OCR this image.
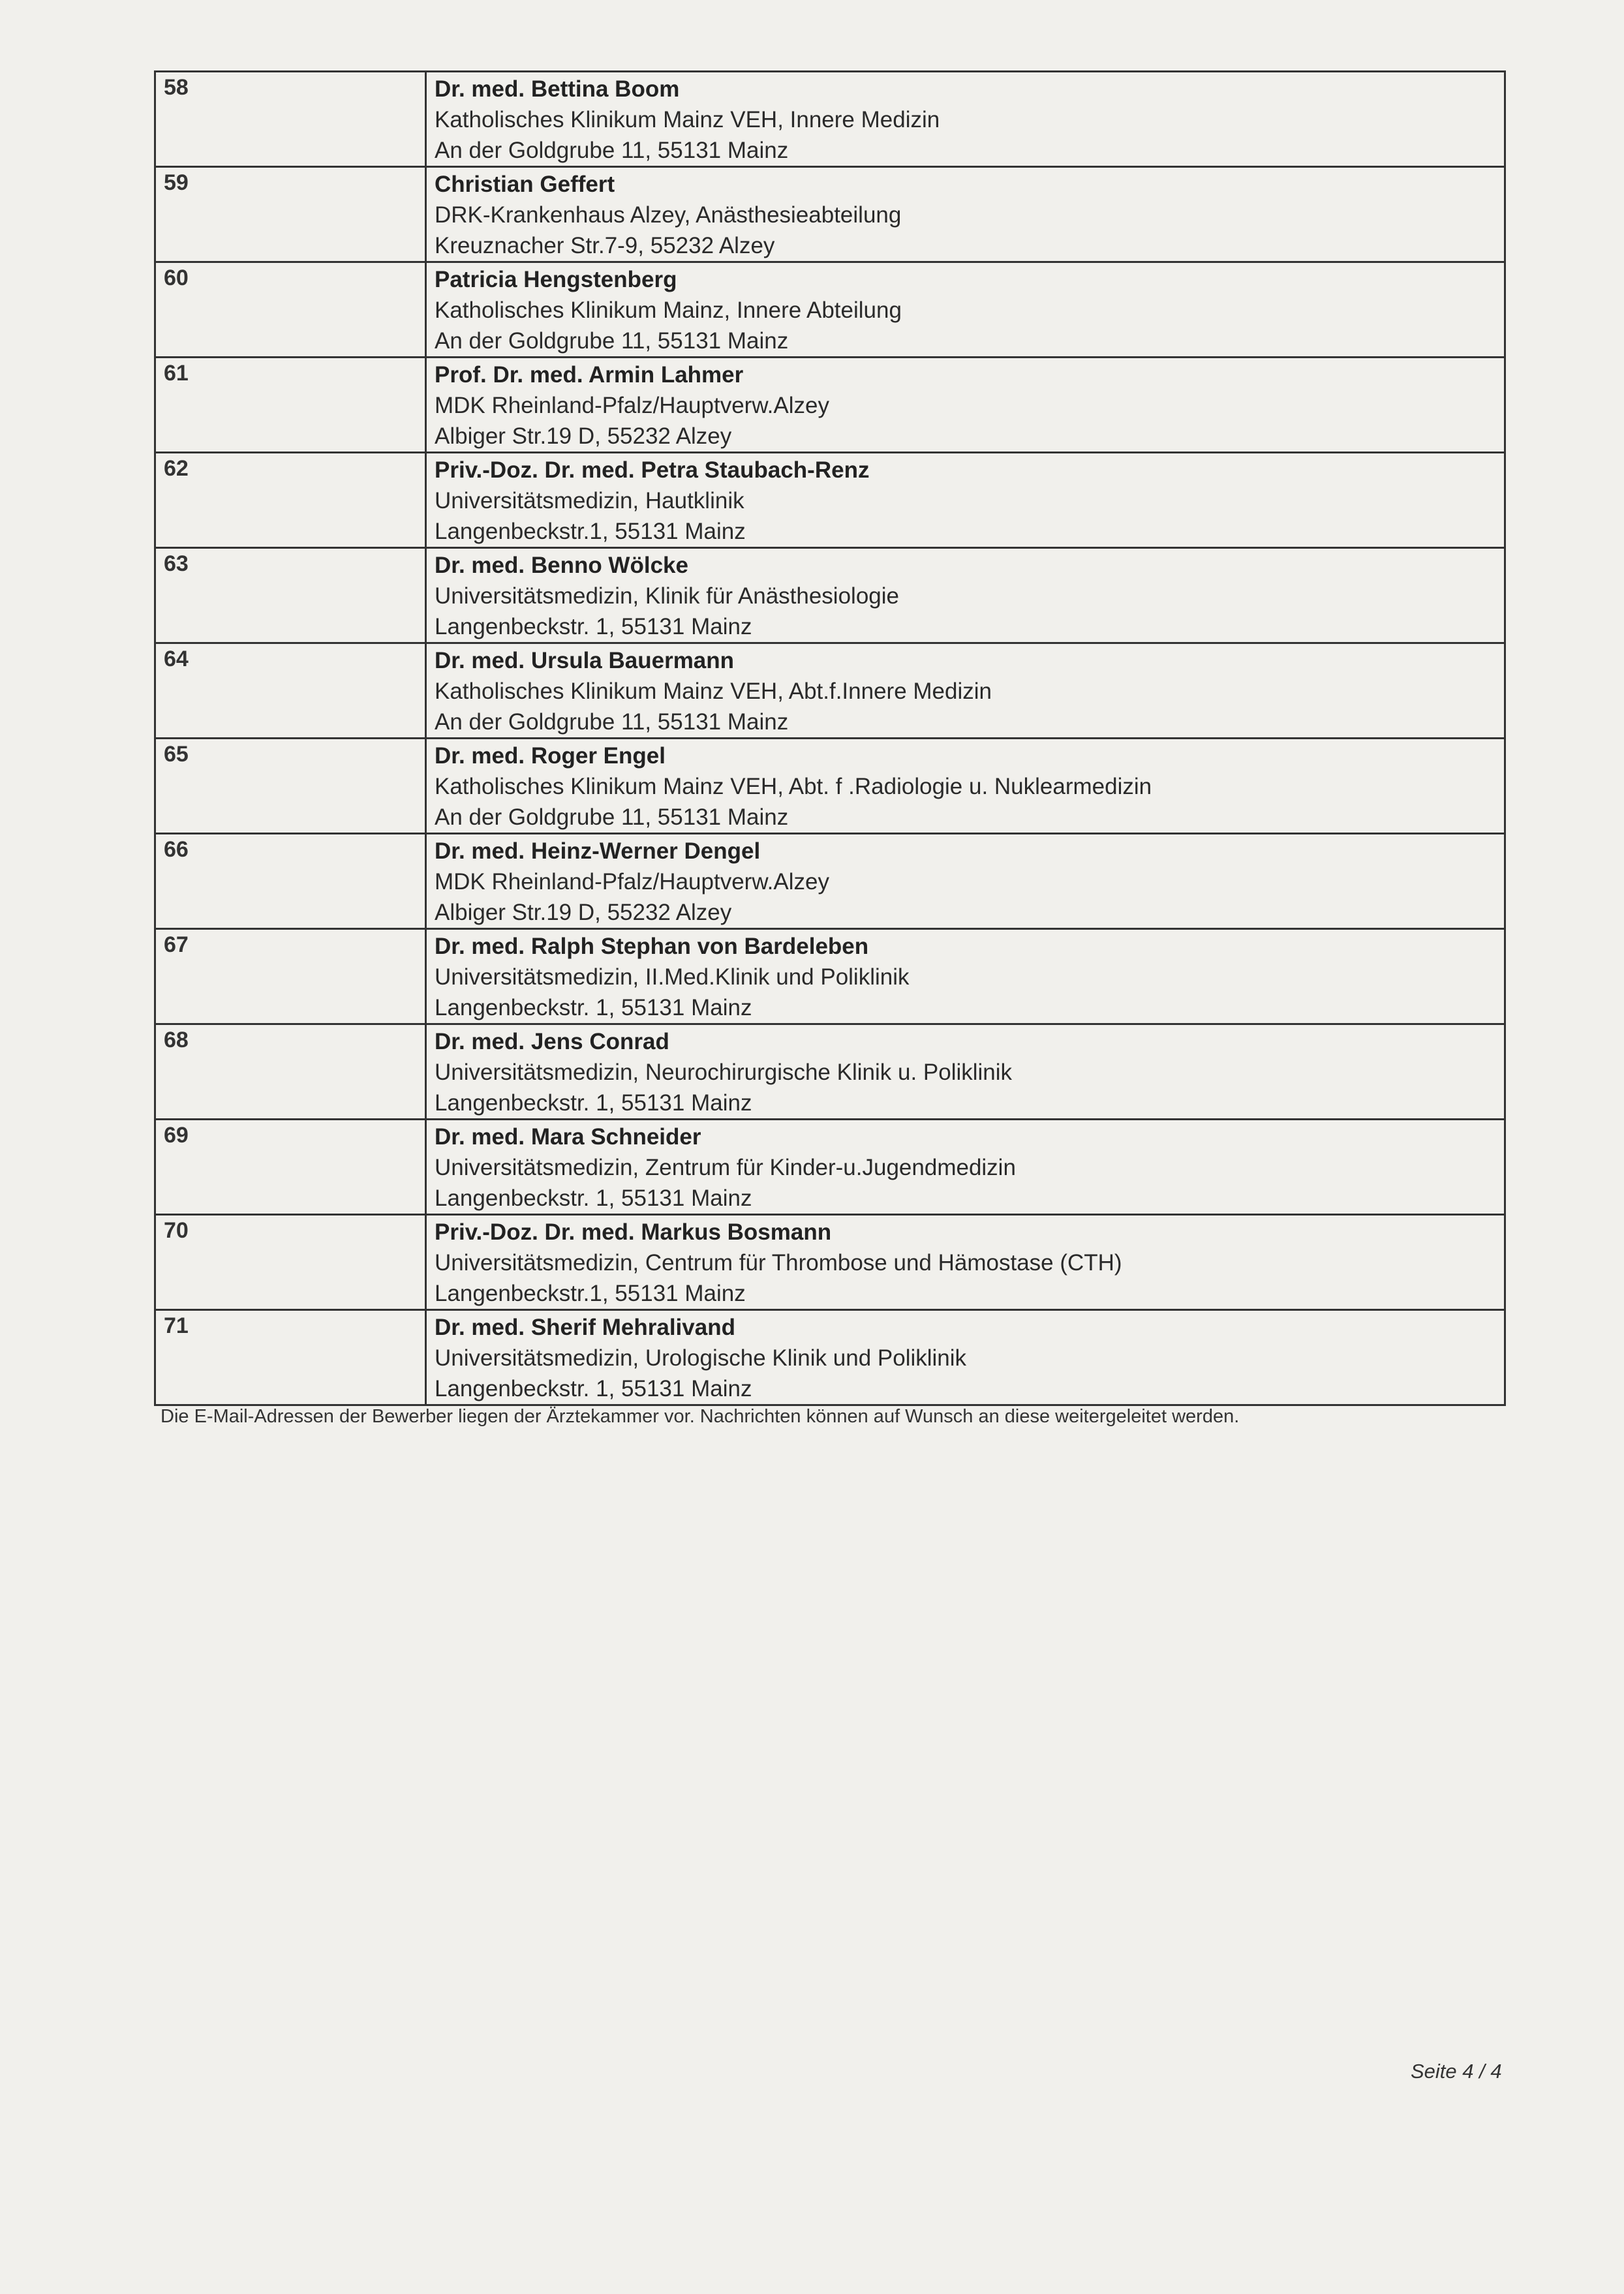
58	Dr. med. Bettina Boom
Katholisches Klinikum Mainz VEH, Innere Medizin
An der Goldgrube 11, 55131 Mainz

59	Christian Geffert
DRK-Krankenhaus Alzey, Anästhesieabteilung
Kreuznacher Str.7-9, 55232 Alzey

60	Patricia Hengstenberg
Katholisches Klinikum Mainz, Innere Abteilung
An der Goldgrube 11, 55131 Mainz

61	Prof. Dr. med. Armin Lahmer
MDK Rheinland-Pfalz/Hauptverw.Alzey
Albiger Str.19 D, 55232 Alzey

62	Priv.-Doz. Dr. med. Petra Staubach-Renz
Universitätsmedizin, Hautklinik
Langenbeckstr.1, 55131 Mainz

63	Dr. med. Benno Wölcke
Universitätsmedizin, Klinik für Anästhesiologie
Langenbeckstr. 1, 55131 Mainz

64	Dr. med. Ursula Bauermann
Katholisches Klinikum Mainz VEH, Abt.f.Innere Medizin
An der Goldgrube 11, 55131 Mainz

65	Dr. med. Roger Engel
Katholisches Klinikum Mainz VEH, Abt. f .Radiologie u. Nuklearmedizin
An der Goldgrube 11, 55131 Mainz

66	Dr. med. Heinz-Werner Dengel
MDK Rheinland-Pfalz/Hauptverw.Alzey
Albiger Str.19 D, 55232 Alzey

67	Dr. med. Ralph Stephan von Bardeleben
Universitätsmedizin, II.Med.Klinik und Poliklinik
Langenbeckstr. 1, 55131 Mainz

68	Dr. med. Jens Conrad
Universitätsmedizin, Neurochirurgische Klinik u. Poliklinik
Langenbeckstr. 1, 55131 Mainz

69	Dr. med. Mara Schneider
Universitätsmedizin, Zentrum für Kinder-u.Jugendmedizin
Langenbeckstr. 1, 55131 Mainz

70	Priv.-Doz. Dr. med. Markus Bosmann
Universitätsmedizin, Centrum für Thrombose und Hämostase (CTH)
Langenbeckstr.1, 55131 Mainz

71	Dr. med. Sherif Mehralivand
Universitätsmedizin, Urologische Klinik und Poliklinik
Langenbeckstr. 1, 55131 Mainz
Die E-Mail-Adressen der Bewerber liegen der Ärztekammer vor. Nachrichten können auf Wunsch an diese weitergeleitet werden.
Seite 4 / 4
